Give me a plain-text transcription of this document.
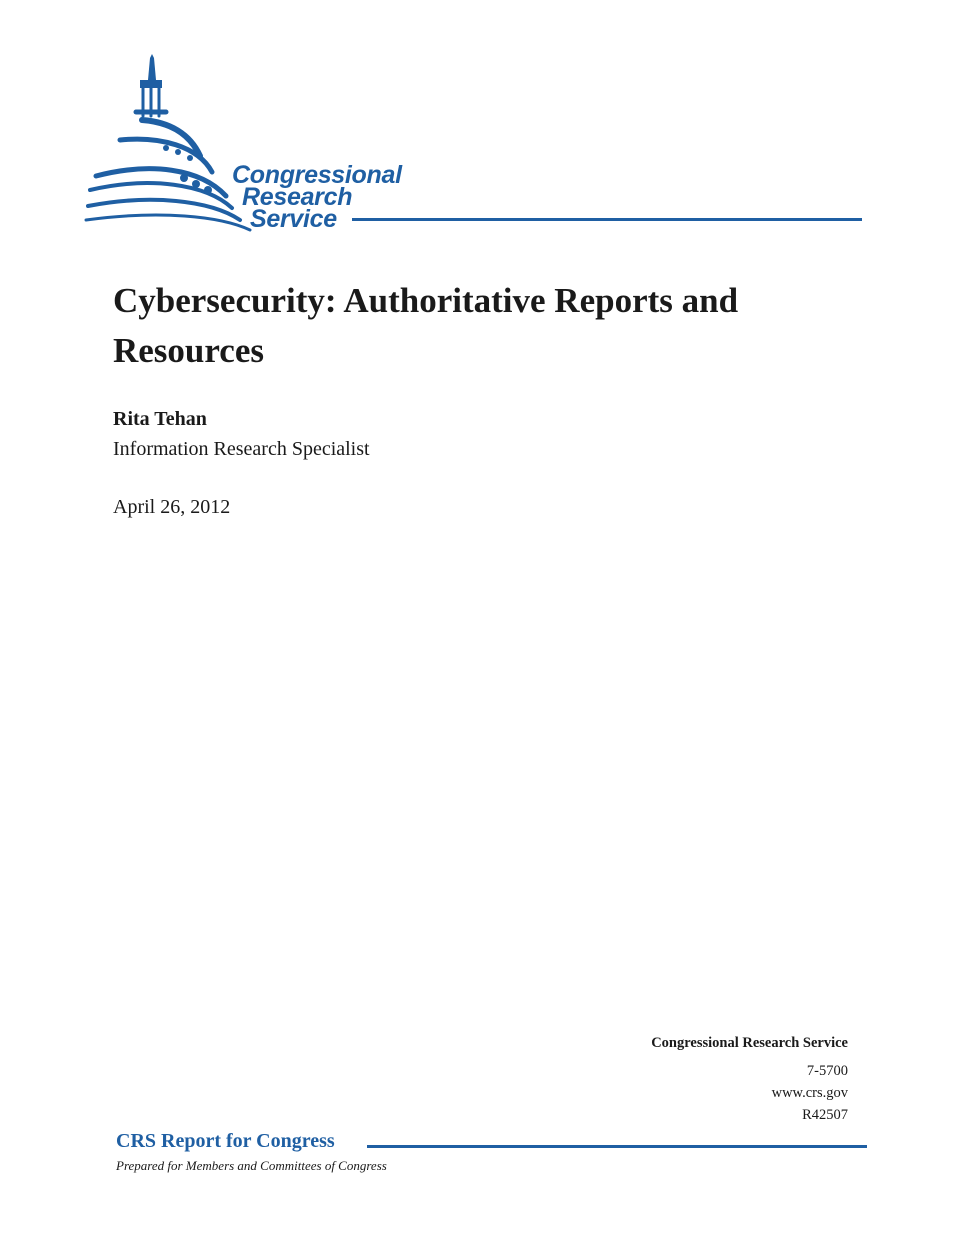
Congressional
Research
Service
Cybersecurity: Authoritative Reports and Resources
Rita Tehan
Information Research Specialist
April 26, 2012
Congressional Research Service
7-5700
www.crs.gov
R42507
CRS Report for Congress
Prepared for Members and Committees of Congress
